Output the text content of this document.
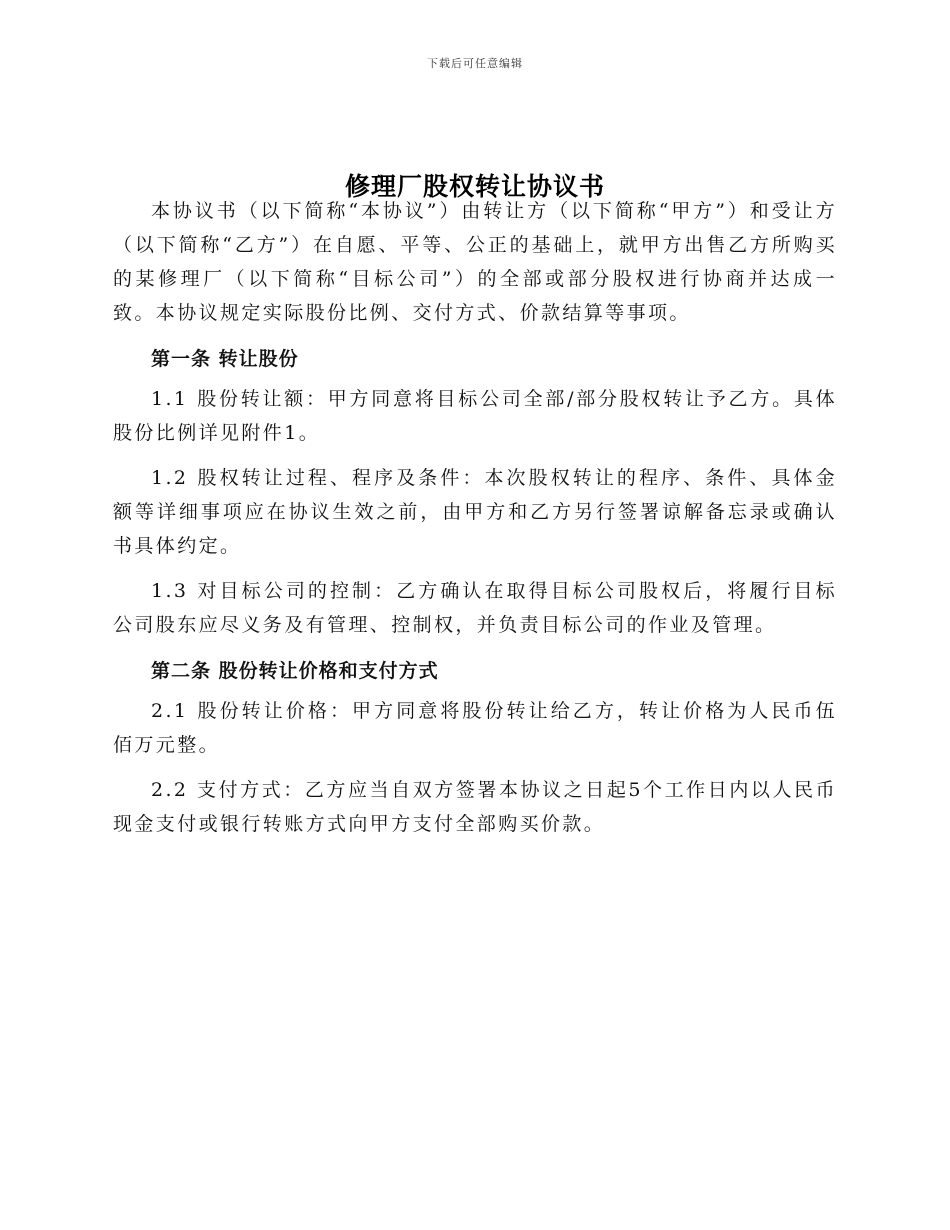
下载后可任意编辑
修理厂股权转让协议书

本协议书（以下简称“本协议”）由转让方（以下简称“甲方”）和受让方（以下简称“乙方”）在自愿、平等、公正的基础上，就甲方出售乙方所购买的某修理厂（以下简称“目标公司”）的全部或部分股权进行协商并达成一致。本协议规定实际股份比例、交付方式、价款结算等事项。

第一条 转让股份

1.1 股份转让额：甲方同意将目标公司全部/部分股权转让予乙方。具体股份比例详见附件1。

1.2 股权转让过程、程序及条件：本次股权转让的程序、条件、具体金额等详细事项应在协议生效之前，由甲方和乙方另行签署谅解备忘录或确认书具体约定。

1.3 对目标公司的控制：乙方确认在取得目标公司股权后，将履行目标公司股东应尽义务及有管理、控制权，并负责目标公司的作业及管理。

第二条 股份转让价格和支付方式

2.1 股份转让价格：甲方同意将股份转让给乙方，转让价格为人民币伍佰万元整。

2.2 支付方式：乙方应当自双方签署本协议之日起5个工作日内以人民币现金支付或银行转账方式向甲方支付全部购买价款。
